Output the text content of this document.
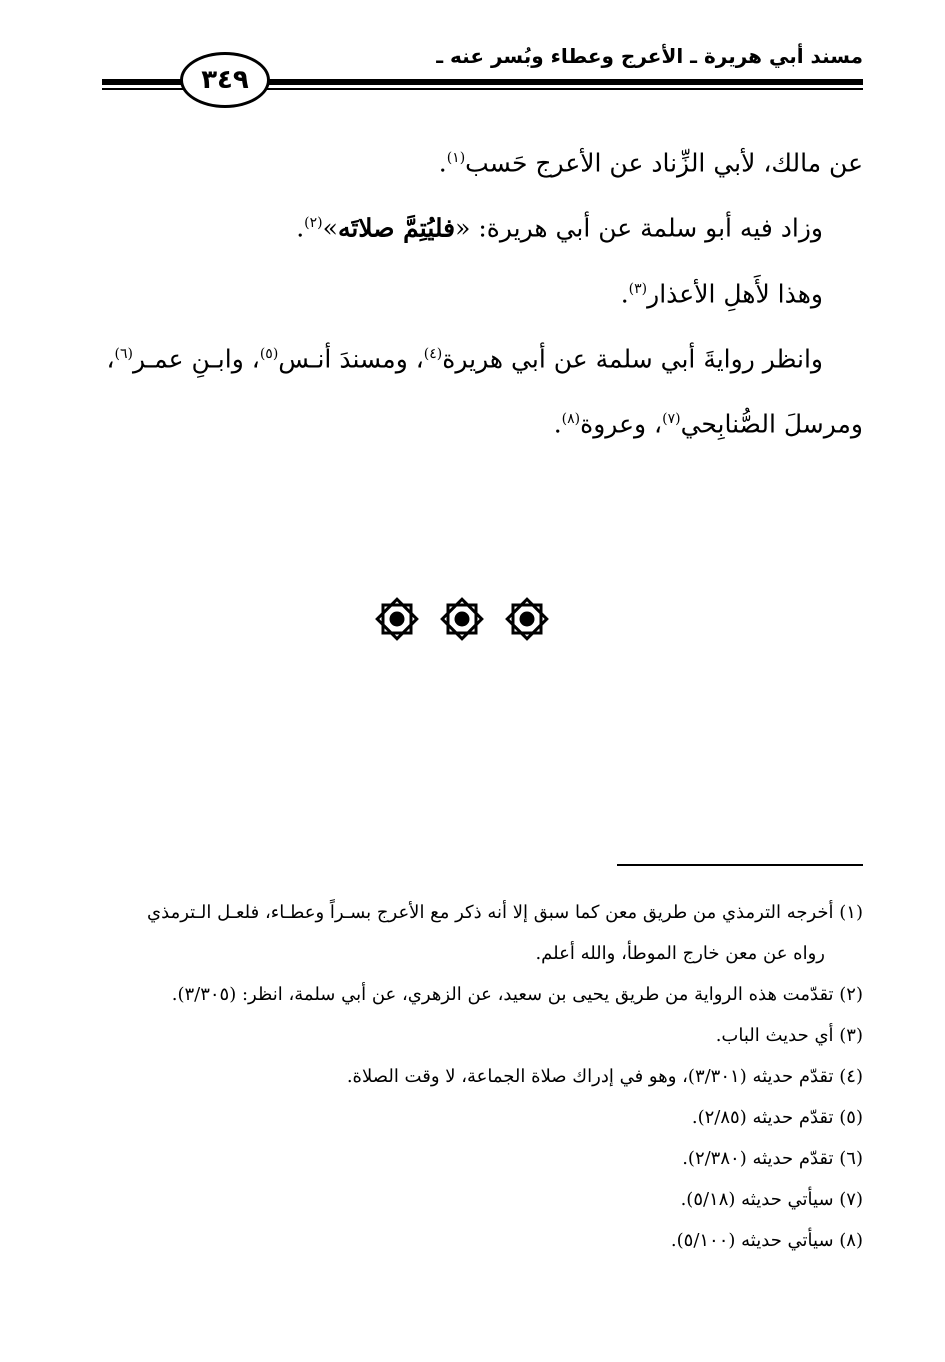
مسند أبي هريرة ـ الأعرج وعطاء وبُسر عنه ـ
٣٤٩
عن مالك، لأبي الزِّناد عن الأعرج حَسب$^{(١)}$.
وزاد فيه أبو سلمة عن أبي هريرة: «فليُتِمَّ صلاتَه»$^{(٢)}$.
وهذا لأَهلِ الأعذار$^{(٣)}$.
وانظر روايةَ أبي سلمة عن أبي هريرة$^{(٤)}$، ومسندَ أنـس$^{(٥)}$، وابـنِ عمـر$^{(٦)}$،
ومرسلَ الصُّنابِحي$^{(٧)}$، وعروة$^{(٨)}$.
(١) أخرجه الترمذي من طريق معن كما سبق إلا أنه ذكر مع الأعرج بسـراً وعطـاء، فلعـل الـترمذي
رواه عن معن خارج الموطأ، والله أعلم.
(٢) تقدّمت هذه الرواية من طريق يحيى بن سعيد، عن الزهري، عن أبي سلمة، انظر: (٣/٣٠٥).
(٣) أي حديث الباب.
(٤) تقدّم حديثه (٣/٣٠١)، وهو في إدراك صلاة الجماعة، لا وقت الصلاة.
(٥) تقدّم حديثه (٢/٨٥).
(٦) تقدّم حديثه (٢/٣٨٠).
(٧) سيأتي حديثه (٥/١٨).
(٨) سيأتي حديثه (٥/١٠٠).
